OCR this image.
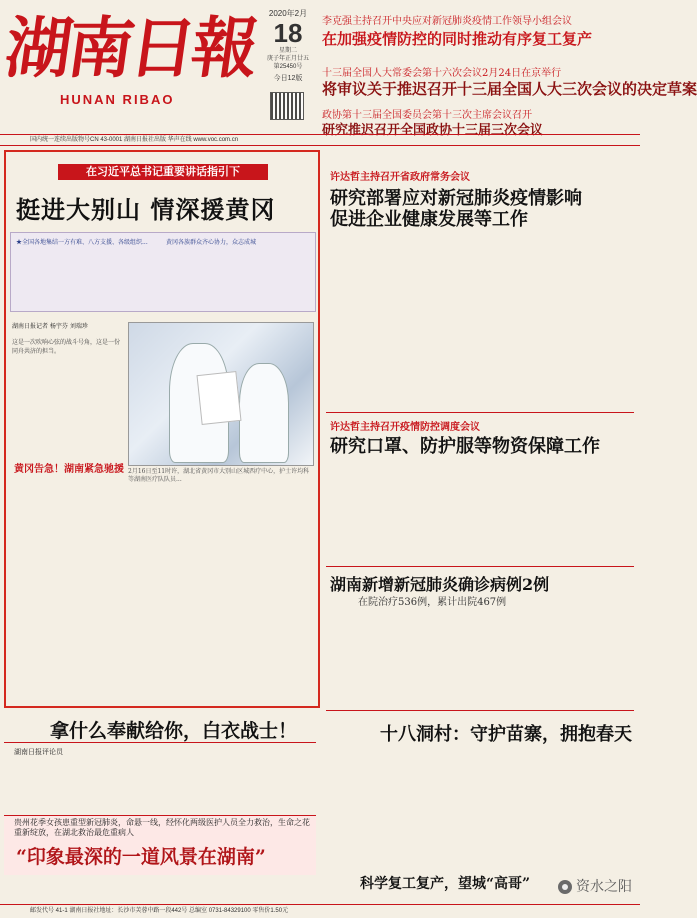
湖南日報
HUNAN RIBAO
2020年2月
18
星期二
庚子年正月廿五
第25450号
今日12版
李克强主持召开中央应对新冠肺炎疫情工作领导小组会议
在加强疫情防控的同时推动有序复工复产
十三届全国人大常委会第十六次会议2月24日在京举行
将审议关于推迟召开十三届全国人大三次会议的决定草案
政协第十三届全国委员会第十三次主席会议召开
研究推迟召开全国政协十三届三次会议
国内统一连续出版物号CN 43-0001 湖南日报社出版 华声在线 www.voc.com.cn
在习近平总书记重要讲话指引下
挺进大别山 情深援黄冈
★全国各地集结一方有难、八方支援、各级组织...	黄冈各族群众齐心协力，众志成城
湖南日报记者 杨宇芬 刘瑞珍
这是一次吹响心弦的战斗号角，这是一份同舟共济的担当。
2月16日至11时许，湖北省黄冈市大别山区城西疗中心，护士许均科等湖南医疗队队员...
黄冈告急！湖南紧急驰援
许达哲主持召开省政府常务会议
研究部署应对新冠肺炎疫情影响
促进企业健康发展等工作
许达哲主持召开疫情防控调度会议
研究口罩、防护服等物资保障工作
湖南新增新冠肺炎确诊病例2例
在院治疗536例，累计出院467例
拿什么奉献给你，白衣战士！
湖南日报评论员
十八洞村：守护苗寨，拥抱春天
贵州花季女孩患重型新冠肺炎，命悬一线，经怀化两级医护人员全力救治，生命之花重新绽放，在湖北救治最危重病人
“印象最深的一道风景在湖南”
科学复工复产，望城“高哥”	资水之阳
邮发代号 41-1 湖南日报社地址：长沙市芙蓉中路一段442号 总编室 0731-84329100 零售价1.50元
